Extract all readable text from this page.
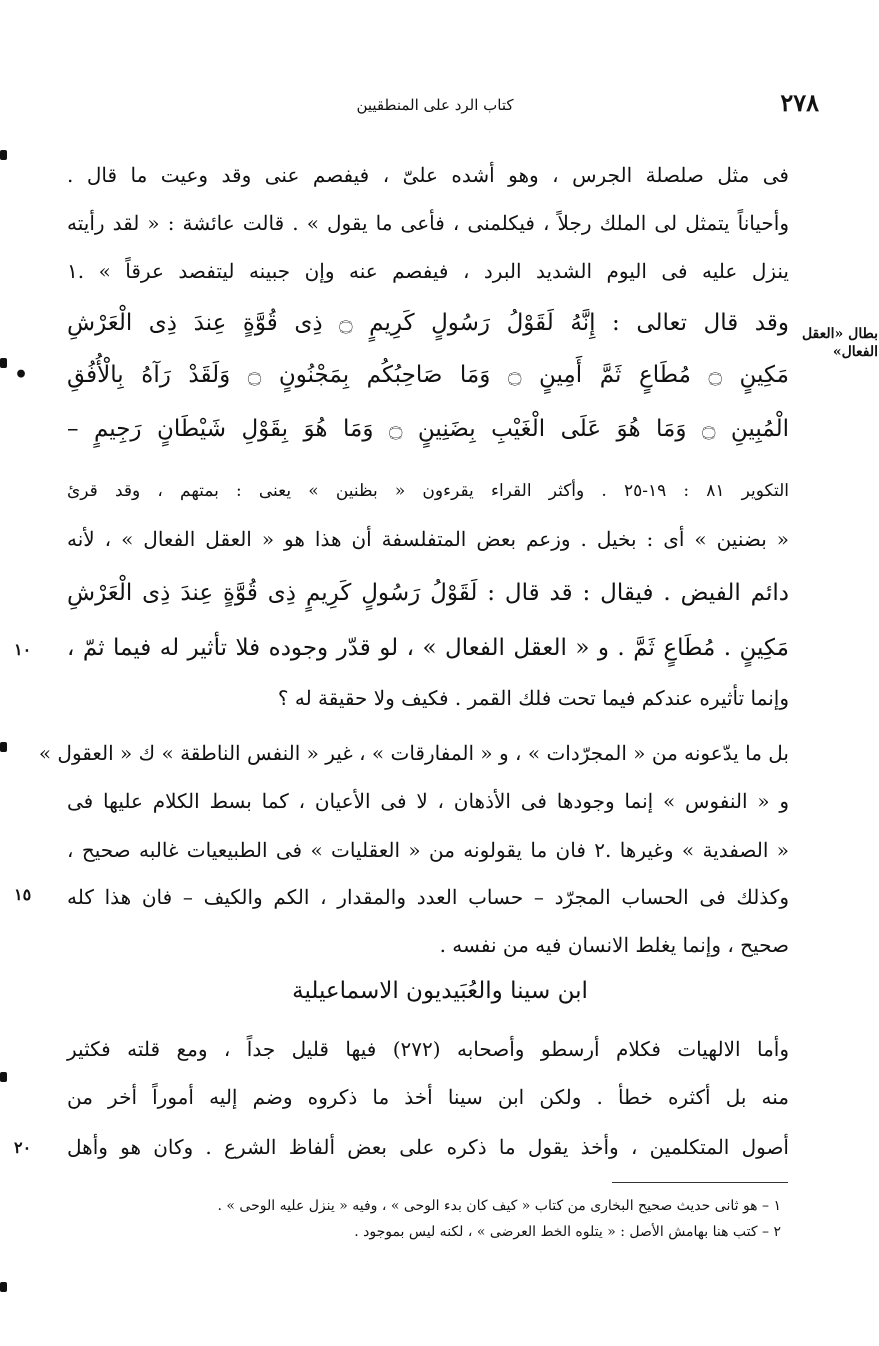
٢٧٨
كتاب الرد على المنطقيين
بطال «العقل
الفعال»
•
١٠
١٥
٢٠
فى مثل صلصلة الجرس ، وهو أشده علىّ ، فيفصم عنى وقد وعيت ما قال .
وأحياناً يتمثل لى الملك رجلاً ، فيكلمنى ، فأعى ما يقول » . قالت عائشة : « لقد رأيته
ينزل عليه فى اليوم الشديد البرد ، فيفصم عنه وإن جبينه ليتفصد عرقاً » .١
وقد قال تعالى : إِنَّهُ لَقَوْلُ رَسُولٍ كَرِيمٍ ۝ ذِى قُوَّةٍ عِندَ ذِى الْعَرْشِ
مَكِينٍ ۝ مُطَاعٍ ثَمَّ أَمِينٍ ۝ وَمَا صَاحِبُكُم بِمَجْنُونٍ ۝ وَلَقَدْ رَآهُ بِالْأُفُقِ
الْمُبِينِ ۝ وَمَا هُوَ عَلَى الْغَيْبِ بِضَنِينٍ ۝ وَمَا هُوَ بِقَوْلِ شَيْطَانٍ رَجِيمٍ –
التكوير ٨١ : ١٩-٢٥ . وأكثر القراء يقرءون « بظنين » يعنى : بمتهم ، وقد قرئ
« بضنين » أى : بخيل . وزعم بعض المتفلسفة أن هذا هو « العقل الفعال » ، لأنه
دائم الفيض . فيقال : قد قال : لَقَوْلُ رَسُولٍ كَرِيمٍ ذِى قُوَّةٍ عِندَ ذِى الْعَرْشِ
مَكِينٍ . مُطَاعٍ ثَمَّ . و « العقل الفعال » ، لو قدّر وجوده فلا تأثير له فيما ثمّ ،
وإنما تأثيره عندكم فيما تحت فلك القمر . فكيف ولا حقيقة له ؟
بل ما يدّعونه من « المجرّدات » ، و « المفارقات » ، غير « النفس الناطقة » ك « العقول »
و « النفوس » إنما وجودها فى الأذهان ، لا فى الأعيان ، كما بسط الكلام عليها فى
« الصفدية » وغيرها .٢ فان ما يقولونه من « العقليات » فى الطبيعيات غالبه صحيح ،
وكذلك فى الحساب المجرّد – حساب العدد والمقدار ، الكم والكيف – فان هذا كله
صحيح ، وإنما يغلط الانسان فيه من نفسه .
ابن سينا والعُبَيديون الاسماعيلية
وأما الالهيات فكلام أرسطو وأصحابه (٢٧٢) فيها قليل جداً ، ومع قلته فكثير
منه بل أكثره خطأ . ولكن ابن سينا أخذ ما ذكروه وضم إليه أموراً أخر من
أصول المتكلمين ، وأخذ يقول ما ذكره على بعض ألفاظ الشرع . وكان هو وأهل
١ – هو ثانى حديث صحيح البخارى من كتاب « كيف كان بدء الوحى » ، وفيه « ينزل عليه الوحى » .
٢ – كتب هنا بهامش الأصل : « يتلوه الخط العرضى » ، لكنه ليس بموجود .
